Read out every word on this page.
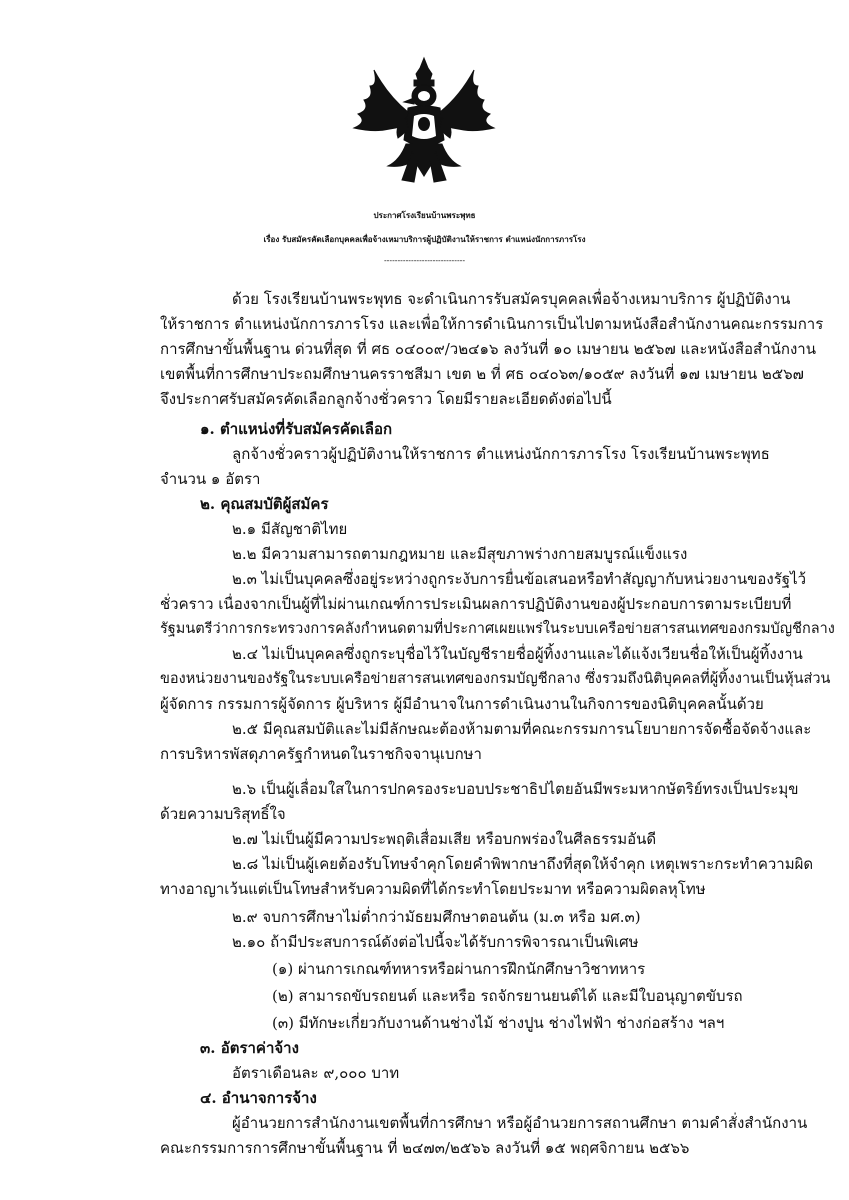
ประกาศโรงเรียนบ้านพระพุทธ
เรื่อง รับสมัครคัดเลือกบุคคลเพื่อจ้างเหมาบริการผู้ปฏิบัติงานให้ราชการ ตำแหน่งนักการภารโรง
------------------------------
ด้วย โรงเรียนบ้านพระพุทธ จะดำเนินการรับสมัครบุคคลเพื่อจ้างเหมาบริการ ผู้ปฏิบัติงาน
ให้ราชการ ตำแหน่งนักการภารโรง และเพื่อให้การดำเนินการเป็นไปตามหนังสือสำนักงานคณะกรรมการ
การศึกษาขั้นพื้นฐาน ด่วนที่สุด ที่ ศธ ๐๔๐๐๙/ว๒๔๑๖ ลงวันที่ ๑๐ เมษายน ๒๕๖๗ และหนังสือสำนักงาน
เขตพื้นที่การศึกษาประถมศึกษานครราชสีมา เขต ๒ ที่ ศธ ๐๔๐๖๓/๑๐๕๙ ลงวันที่ ๑๗ เมษายน ๒๕๖๗
จึงประกาศรับสมัครคัดเลือกลูกจ้างชั่วคราว โดยมีรายละเอียดดังต่อไปนี้
๑. ตำแหน่งที่รับสมัครคัดเลือก
ลูกจ้างชั่วคราวผู้ปฏิบัติงานให้ราชการ ตำแหน่งนักการภารโรง โรงเรียนบ้านพระพุทธ
จำนวน ๑ อัตรา
๒. คุณสมบัติผู้สมัคร
๒.๑ มีสัญชาติไทย
๒.๒ มีความสามารถตามกฎหมาย และมีสุขภาพร่างกายสมบูรณ์แข็งแรง
๒.๓ ไม่เป็นบุคคลซึ่งอยู่ระหว่างถูกระงับการยื่นข้อเสนอหรือทำสัญญากับหน่วยงานของรัฐไว้
ชั่วคราว เนื่องจากเป็นผู้ที่ไม่ผ่านเกณฑ์การประเมินผลการปฏิบัติงานของผู้ประกอบการตามระเบียบที่
รัฐมนตรีว่าการกระทรวงการคลังกำหนดตามที่ประกาศเผยแพร่ในระบบเครือข่ายสารสนเทศของกรมบัญชีกลาง
๒.๔ ไม่เป็นบุคคลซึ่งถูกระบุชื่อไว้ในบัญชีรายชื่อผู้ทิ้งงานและได้แจ้งเวียนชื่อให้เป็นผู้ทิ้งงาน
ของหน่วยงานของรัฐในระบบเครือข่ายสารสนเทศของกรมบัญชีกลาง ซึ่งรวมถึงนิติบุคคลที่ผู้ทิ้งงานเป็นหุ้นส่วน
ผู้จัดการ กรรมการผู้จัดการ ผู้บริหาร ผู้มีอำนาจในการดำเนินงานในกิจการของนิติบุคคลนั้นด้วย
๒.๕ มีคุณสมบัติและไม่มีลักษณะต้องห้ามตามที่คณะกรรมการนโยบายการจัดซื้อจัดจ้างและ
การบริหารพัสดุภาครัฐกำหนดในราชกิจจานุเบกษา
๒.๖ เป็นผู้เลื่อมใสในการปกครองระบอบประชาธิปไตยอันมีพระมหากษัตริย์ทรงเป็นประมุข
ด้วยความบริสุทธิ์ใจ
๒.๗ ไม่เป็นผู้มีความประพฤติเสื่อมเสีย หรือบกพร่องในศีลธรรมอันดี
๒.๘ ไม่เป็นผู้เคยต้องรับโทษจำคุกโดยคำพิพากษาถึงที่สุดให้จำคุก เหตุเพราะกระทำความผิด
ทางอาญาเว้นแต่เป็นโทษสำหรับความผิดที่ได้กระทำโดยประมาท หรือความผิดลหุโทษ
๒.๙ จบการศึกษาไม่ต่ำกว่ามัธยมศึกษาตอนต้น (ม.๓ หรือ มศ.๓)
๒.๑๐ ถ้ามีประสบการณ์ดังต่อไปนี้จะได้รับการพิจารณาเป็นพิเศษ
(๑) ผ่านการเกณฑ์ทหารหรือผ่านการฝึกนักศึกษาวิชาทหาร
(๒) สามารถขับรถยนต์ และหรือ รถจักรยานยนต์ได้ และมีใบอนุญาตขับรถ
(๓) มีทักษะเกี่ยวกับงานด้านช่างไม้ ช่างปูน ช่างไฟฟ้า ช่างก่อสร้าง ฯลฯ
๓. อัตราค่าจ้าง
อัตราเดือนละ ๙,๐๐๐ บาท
๔. อำนาจการจ้าง
ผู้อำนวยการสำนักงานเขตพื้นที่การศึกษา หรือผู้อำนวยการสถานศึกษา ตามคำสั่งสำนักงาน
คณะกรรมการการศึกษาขั้นพื้นฐาน ที่ ๒๔๗๓/๒๕๖๖ ลงวันที่ ๑๕ พฤศจิกายน ๒๕๖๖
